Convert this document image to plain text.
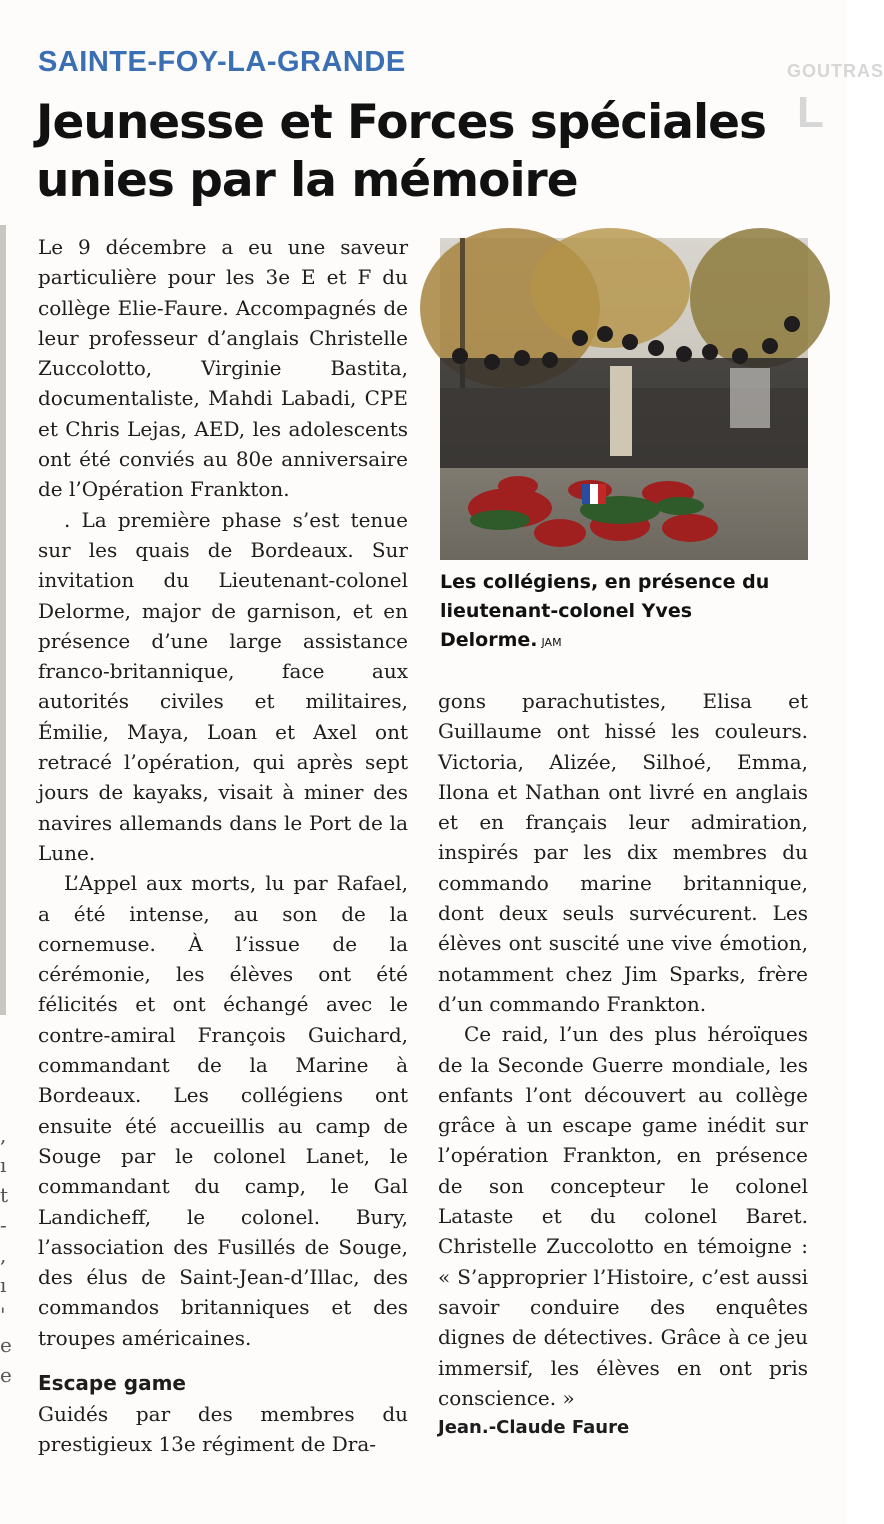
, ı t - , ı ' e e
GOUTRAS
L
SAINTE-FOY-LA-GRANDE
Jeunesse et Forces spéciales unies par la mémoire

Le 9 décembre a eu une saveur particulière pour les 3e E et F du collège Elie-Faure. Accompagnés de leur professeur d’anglais Christelle Zuccolotto, Virginie Bastita, documentaliste, Mahdi Labadi, CPE et Chris Lejas, AED, les adolescents ont été conviés au 80e anniversaire de l’Opération Frankton.

. La première phase s’est tenue sur les quais de Bordeaux. Sur invitation du Lieutenant-colonel Delorme, major de garnison, et en présence d’une large assistance franco-britannique, face aux autorités civiles et militaires, Émilie, Maya, Loan et Axel ont retracé l’opération, qui après sept jours de kayaks, visait à miner des navires allemands dans le Port de la Lune.

L’Appel aux morts, lu par Rafael, a été intense, au son de la cornemuse. À l’issue de la cérémonie, les élèves ont été félicités et ont échangé avec le contre-amiral François Guichard, commandant de la Marine à Bordeaux. Les collégiens ont ensuite été accueillis au camp de Souge par le colonel Lanet, le commandant du camp, le Gal Landicheff, le colonel. Bury, l’association des Fusillés de Souge, des élus de Saint-Jean-d’Illac, des commandos britanniques et des troupes américaines.

Escape game

Guidés par des membres du prestigieux 13e régiment de Dra-

Les collégiens, en présence du lieutenant-colonel Yves Delorme. JAM

gons parachutistes, Elisa et Guillaume ont hissé les couleurs. Victoria, Alizée, Silhoé, Emma, Ilona et Nathan ont livré en anglais et en français leur admiration, inspirés par les dix membres du commando marine britannique, dont deux seuls survécurent. Les élèves ont suscité une vive émotion, notamment chez Jim Sparks, frère d’un commando Frankton.

Ce raid, l’un des plus héroïques de la Seconde Guerre mondiale, les enfants l’ont découvert au collège grâce à un escape game inédit sur l’opération Frankton, en présence de son concepteur le colonel Lataste et du colonel Baret. Christelle Zuccolotto en témoigne : « S’approprier l’Histoire, c’est aussi savoir conduire des enquêtes dignes de détectives. Grâce à ce jeu immersif, les élèves en ont pris conscience. »

Jean.-Claude Faure
